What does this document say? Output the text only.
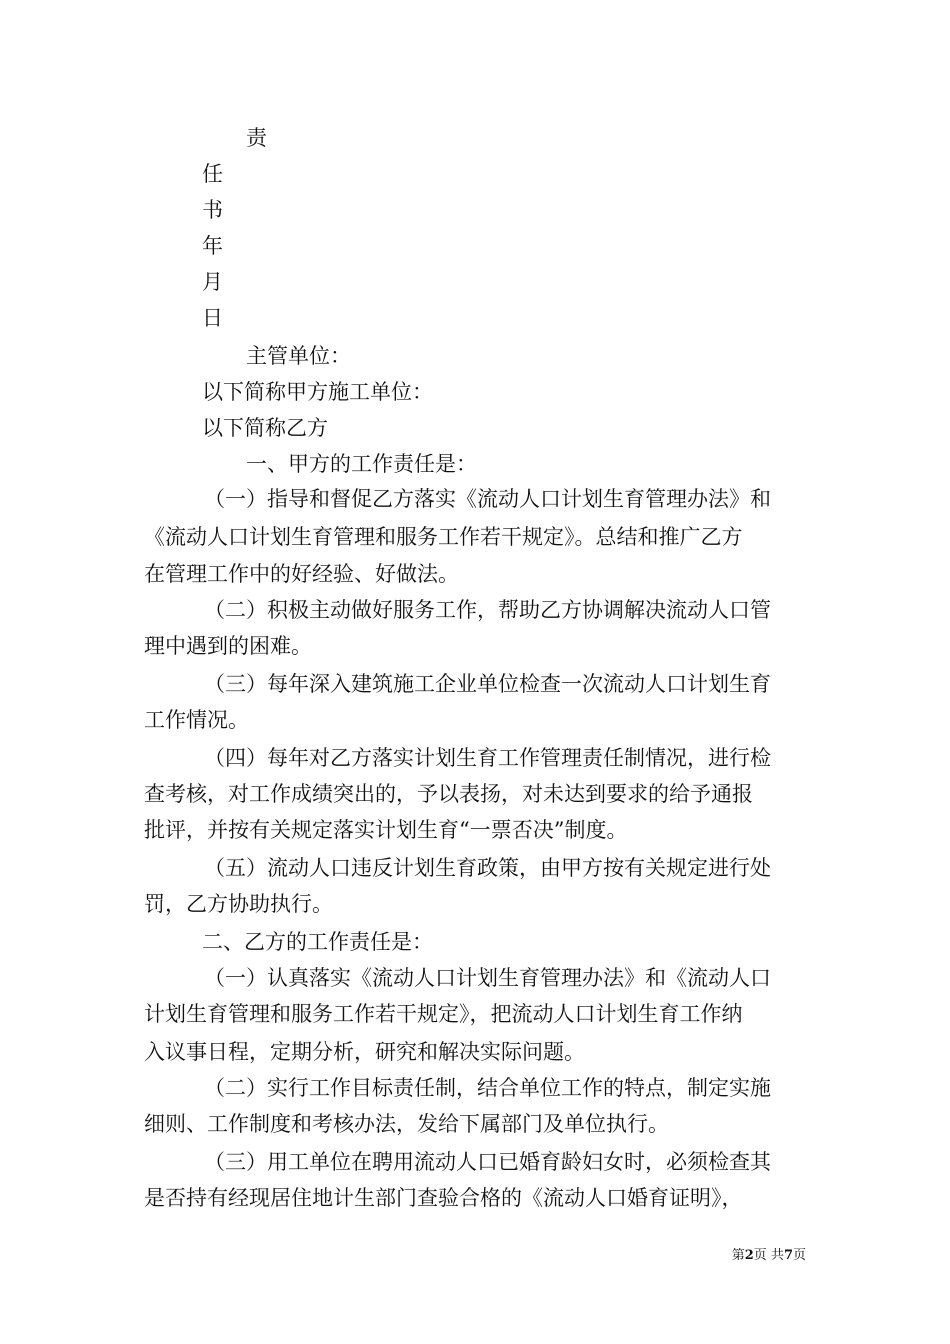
责
任
书
年
月
日
主管单位：
以下简称甲方施工单位：
以下简称乙方
一、甲方的工作责任是：
（一）指导和督促乙方落实《流动人口计划生育管理办法》和
《流动人口计划生育管理和服务工作若干规定》。总结和推广乙方
在管理工作中的好经验、好做法。
（二）积极主动做好服务工作，帮助乙方协调解决流动人口管
理中遇到的困难。
（三）每年深入建筑施工企业单位检查一次流动人口计划生育
工作情况。
（四）每年对乙方落实计划生育工作管理责任制情况，进行检
查考核，对工作成绩突出的，予以表扬，对未达到要求的给予通报
批评，并按有关规定落实计划生育“一票否决”制度。
（五）流动人口违反计划生育政策，由甲方按有关规定进行处
罚，乙方协助执行。
二、乙方的工作责任是：
（一）认真落实《流动人口计划生育管理办法》和《流动人口
计划生育管理和服务工作若干规定》，把流动人口计划生育工作纳
入议事日程，定期分析，研究和解决实际问题。
（二）实行工作目标责任制，结合单位工作的特点，制定实施
细则、工作制度和考核办法，发给下属部门及单位执行。
（三）用工单位在聘用流动人口已婚育龄妇女时，必须检查其
是否持有经现居住地计生部门查验合格的《流动人口婚育证明》，
第2页 共7页
